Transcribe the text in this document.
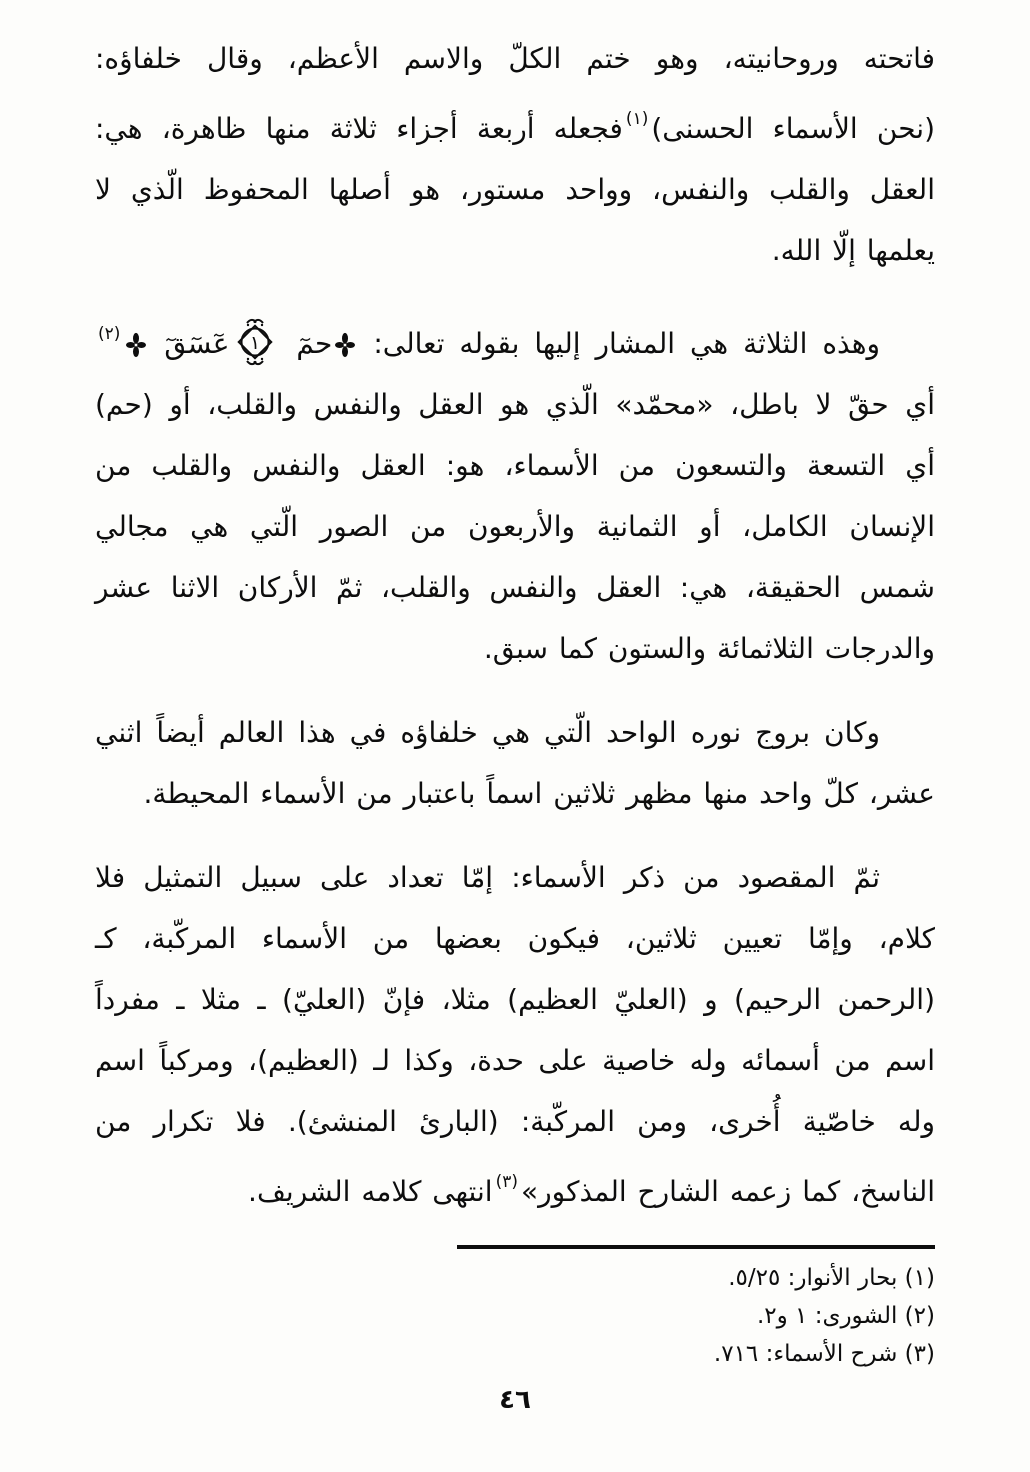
فاتحته وروحانيته، وهو ختم الكلّ والاسم الأعظم، وقال خلفاؤه:
(نحن الأسماء الحسنى)$^{(١)}$فجعله أربعة أجزاء ثلاثة منها ظاهرة، هي:
العقل والقلب والنفس، وواحد مستور، هو أصلها المحفوظ الّذي لا
يعلمها إلّا الله.
وهذه الثلاثة هي المشار إليها بقوله تعالى: حمٓ
١
عٓسٓقٓ $^{(٢)}$
أي حقّ لا باطل، «محمّد» الّذي هو العقل والنفس والقلب، أو (حم)
أي التسعة والتسعون من الأسماء، هو: العقل والنفس والقلب من
الإنسان الكامل، أو الثمانية والأربعون من الصور الّتي هي مجالي
شمس الحقيقة، هي: العقل والنفس والقلب، ثمّ الأركان الاثنا عشر
والدرجات الثلاثمائة والستون كما سبق.
وكان بروج نوره الواحد الّتي هي خلفاؤه في هذا العالم أيضاً اثني
عشر، كلّ واحد منها مظهر ثلاثين اسماً باعتبار من الأسماء المحيطة.
ثمّ المقصود من ذكر الأسماء: إمّا تعداد على سبيل التمثيل فلا
كلام، وإمّا تعيين ثلاثين، فيكون بعضها من الأسماء المركّبة، كـ
(الرحمن الرحيم) و (العليّ العظيم) مثلا، فإنّ (العليّ) ـ مثلا ـ مفرداً
اسم من أسمائه وله خاصية على حدة، وكذا لـ (العظيم)، ومركباً اسم
وله خاصّية أُخرى، ومن المركّبة: (البارئ المنشئ). فلا تكرار من
الناسخ، كما زعمه الشارح المذكور»$^{(٣)}$انتهى كلامه الشريف.
(١) بحار الأنوار: ٥/٢٥.
(٢) الشورى: ١ و٢.
(٣) شرح الأسماء: ٧١٦.
٤٦
